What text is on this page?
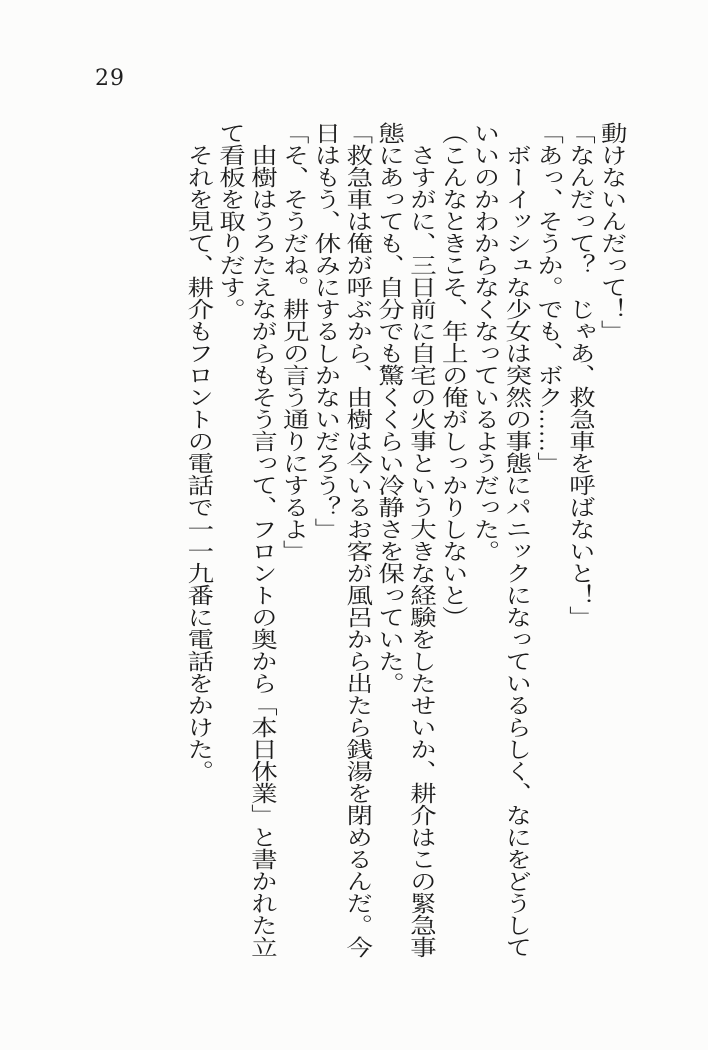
29

動けないんだって！」

「なんだって？　じゃあ、救急車を呼ばないと！」

「あっ、そうか。でも、ボク……」

　ボーイッシュな少女は突然の事態にパニックになっているらしく、なにをどうしていいのかわからなくなっているようだった。

（こんなときこそ、年上の俺がしっかりしないと）

　さすがに、三日前に自宅の火事という大きな経験をしたせいか、耕介はこの緊急事態にあっても、自分でも驚くくらい冷静さを保っていた。

「救急車は俺が呼ぶから、由樹は今いるお客が風呂から出たら銭湯を閉めるんだ。今日はもう、休みにするしかないだろう？」

「そ、そうだね。耕兄の言う通りにするよ」

　由樹はうろたえながらもそう言って、フロントの奥から「本日休業」と書かれた立て看板を取りだす。

　それを見て、耕介もフロントの電話で一一九番に電話をかけた。
